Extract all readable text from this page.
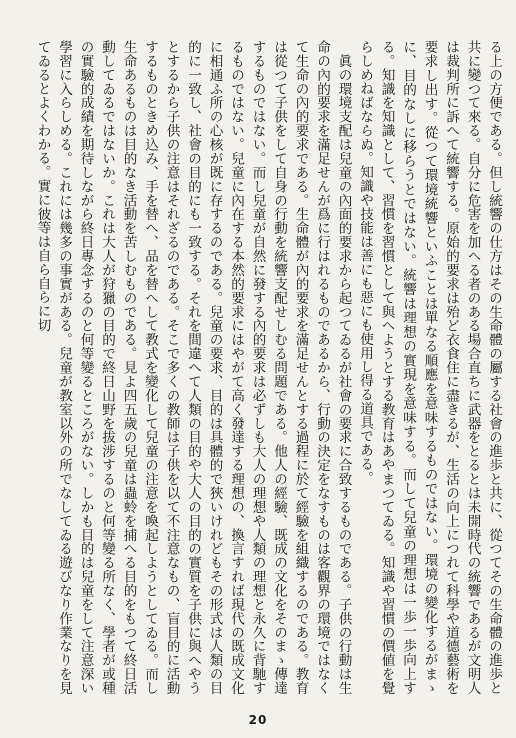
る上の方便である。但し統響の仕方はその生命體の屬する社會の進歩と共に、從つてその生命體の進歩と共に變つて來る。自分に危害を加へる者のある場合直ちに武器をとるとは未開時代の統響であるが文明人は裁判所に訴へて統響する。原始的要求は殆ど衣食住に盡きるが、生活の向上につれて科學や道德藝術を要求し出す。從つて環境統響といふことは單なる順應を意味するものではない。環境の變化するがまゝに、目的なしに移らうとではない。統響は理想の實現を意味する。而して兒童の理想は一歩一歩向上する。知識を知識として、習慣を習慣として與へようとする教育はあやまつてゐる。知識や習慣の價値を覺らしめねばならぬ。知識や技能は善にも惡にも使用し得る道具である。
　眞の環境支配は兒童の內面的要求から起つてゐるが社會の要求に合致するものである。子供の行動は生命の內的要求を滿足せんが爲に行はれるものであるから、行動の決定をなすものは客觀界の環境ではなくて生命の內的要求である。生命體が內的要求を滿足せんとする過程に於て經驗を組織するのである。教育は從つて子供をして自身の行動を統響支配せしむる問題である。他人の經驗、既成の文化をそのまゝ傳達するものではない。而し兒童が自然に發する內的要求は必ずしも大人の理想や人類の理想と永久に背馳するものではない。兒童に內在する本然的要求にはやがて高く發達する理想の、換言すれば現代の既成文化に相通ふ所の心核が既に存するのである。兒童の要求、目的は具體的で狹いけれどもその形式は人類の目的に一致し、社會の目的にも一致する。それを間違へて人類の目的や大人の目的の實質を子供に與へやうとするから子供の注意はそれざるのである。そこで多くの教師は子供を以て不注意なもの、盲目的に活動するものときめ込み、手を替へ、品を替へして教式を變化して兒童の注意を喚起しようとしてゐる。而し生命あるものは目的なき活動を苦しむものである。見よ四五歲の兒童は蟲蛉を捕へる目的をもつて終日活動してゐるではないか。これは大人が狩獵の目的で終日山野を拔涉するのと何等變る所なく、學者が或種の實驗的成績を期待しながら終日專念するのと何等變るところがない。しかも目的は兒童をして注意深い學習に入らしめる。これには幾多の事實がある。兒童が教室以外の所でなしてゐる遊びなり作業なりを見てゐるとよくわかる。實に彼等は自ら自らに切

20
